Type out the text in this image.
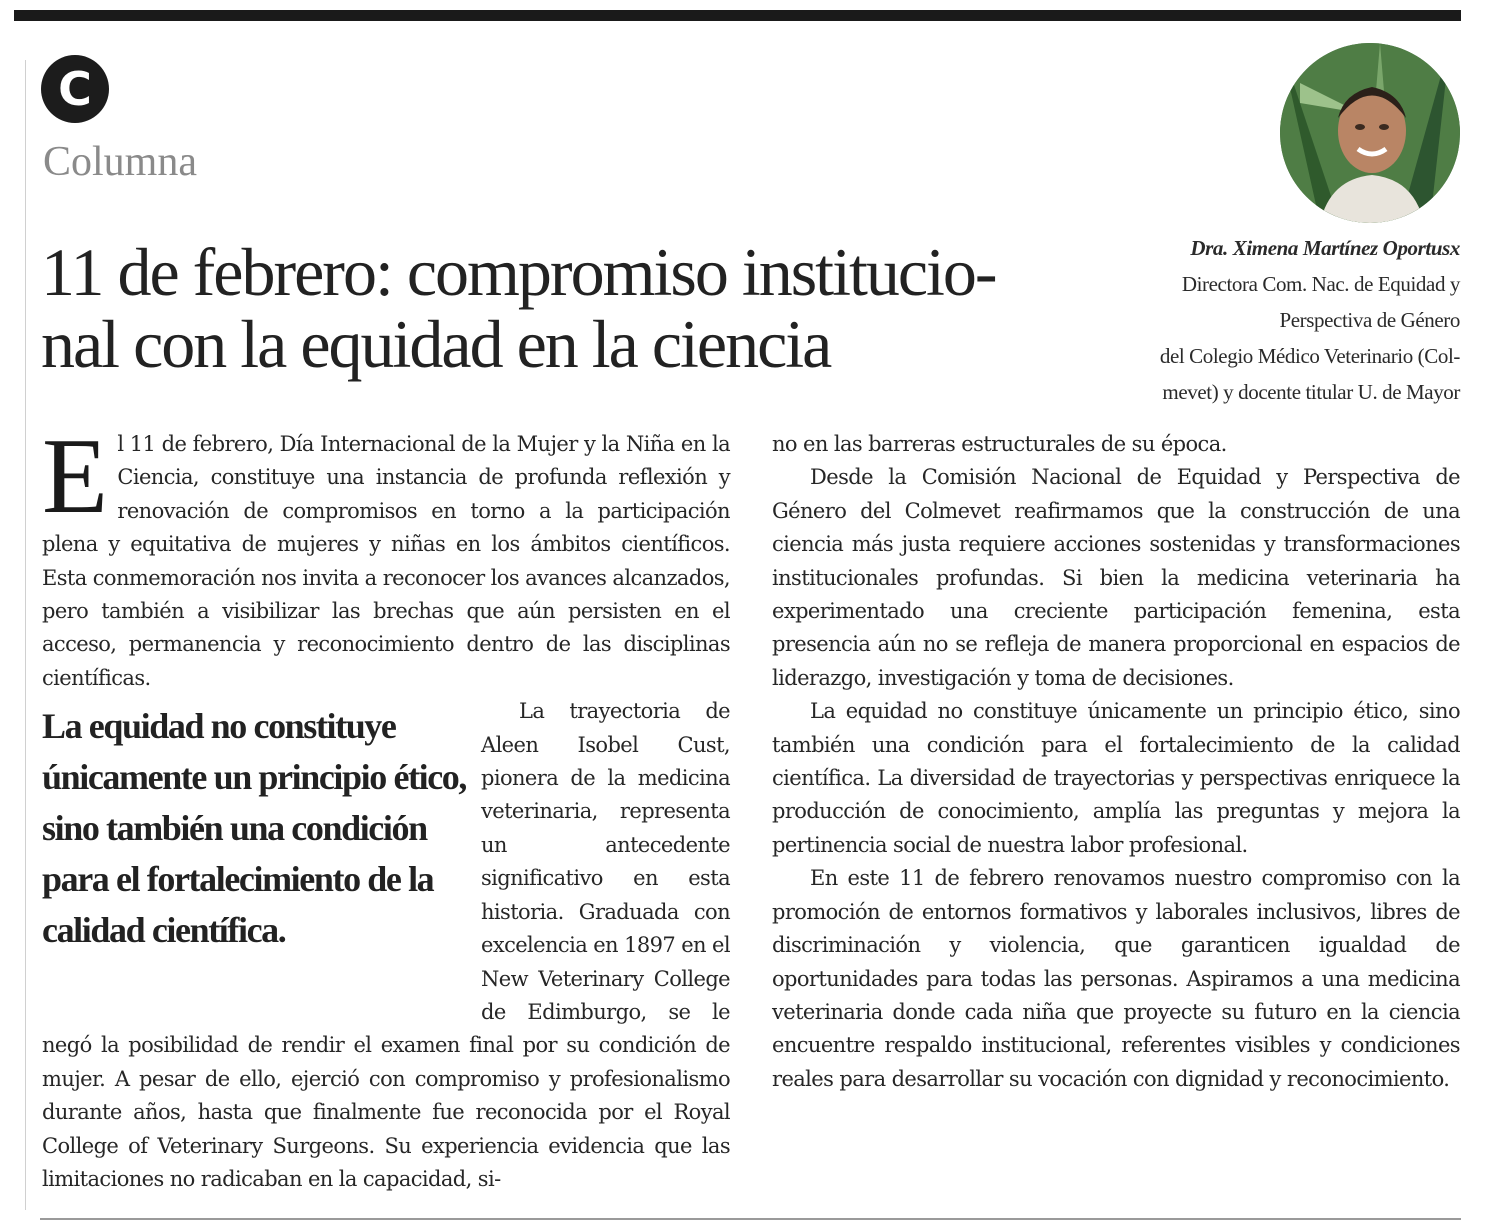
C
Columna
11 de febrero: compromiso institucio-
nal con la equidad en la ciencia
Dra. Ximena Martínez Oportusx
Directora Com. Nac. de Equidad y
Perspectiva de Género
del Colegio Médico Veterinario (Col-
mevet) y docente titular U. de Mayor

El 11 de febrero, Día Internacional de la Mujer y la Niña en la Ciencia, constituye una instancia de profunda reflexión y renovación de compromisos en torno a la participación plena y equitativa de mujeres y niñas en los ámbitos científicos. Esta conmemoración nos invita a reconocer los avances alcanzados, pero también a visibilizar las brechas que aún persisten en el acceso, permanencia y reconocimiento dentro de las disciplinas científicas.

La equidad no constituye únicamente un principio ético, sino también una condición para el fortalecimiento de la calidad científica.

La trayectoria de Aleen Isobel Cust, pionera de la medicina veterinaria, representa un antecedente significativo en esta historia. Graduada con excelencia en 1897 en el New Veterinary College de Edimburgo, se le negó la posibilidad de rendir el examen final por su condición de mujer. A pesar de ello, ejerció con compromiso y profesionalismo durante años, hasta que finalmente fue reconocida por el Royal College of Veterinary Surgeons. Su experiencia evidencia que las limitaciones no radicaban en la capacidad, si-

no en las barreras estructurales de su época.

Desde la Comisión Nacional de Equidad y Perspectiva de Género del Colmevet reafirmamos que la construcción de una ciencia más justa requiere acciones sostenidas y transformaciones institucionales profundas. Si bien la medicina veterinaria ha experimentado una creciente participación femenina, esta presencia aún no se refleja de manera proporcional en espacios de liderazgo, investigación y toma de decisiones.

La equidad no constituye únicamente un principio ético, sino también una condición para el fortalecimiento de la calidad científica. La diversidad de trayectorias y perspectivas enriquece la producción de conocimiento, amplía las preguntas y mejora la pertinencia social de nuestra labor profesional.

En este 11 de febrero renovamos nuestro compromiso con la promoción de entornos formativos y laborales inclusivos, libres de discriminación y violencia, que garanticen igualdad de oportunidades para todas las personas. Aspiramos a una medicina veterinaria donde cada niña que proyecte su futuro en la ciencia encuentre respaldo institucional, referentes visibles y condiciones reales para desarrollar su vocación con dignidad y reconocimiento.
